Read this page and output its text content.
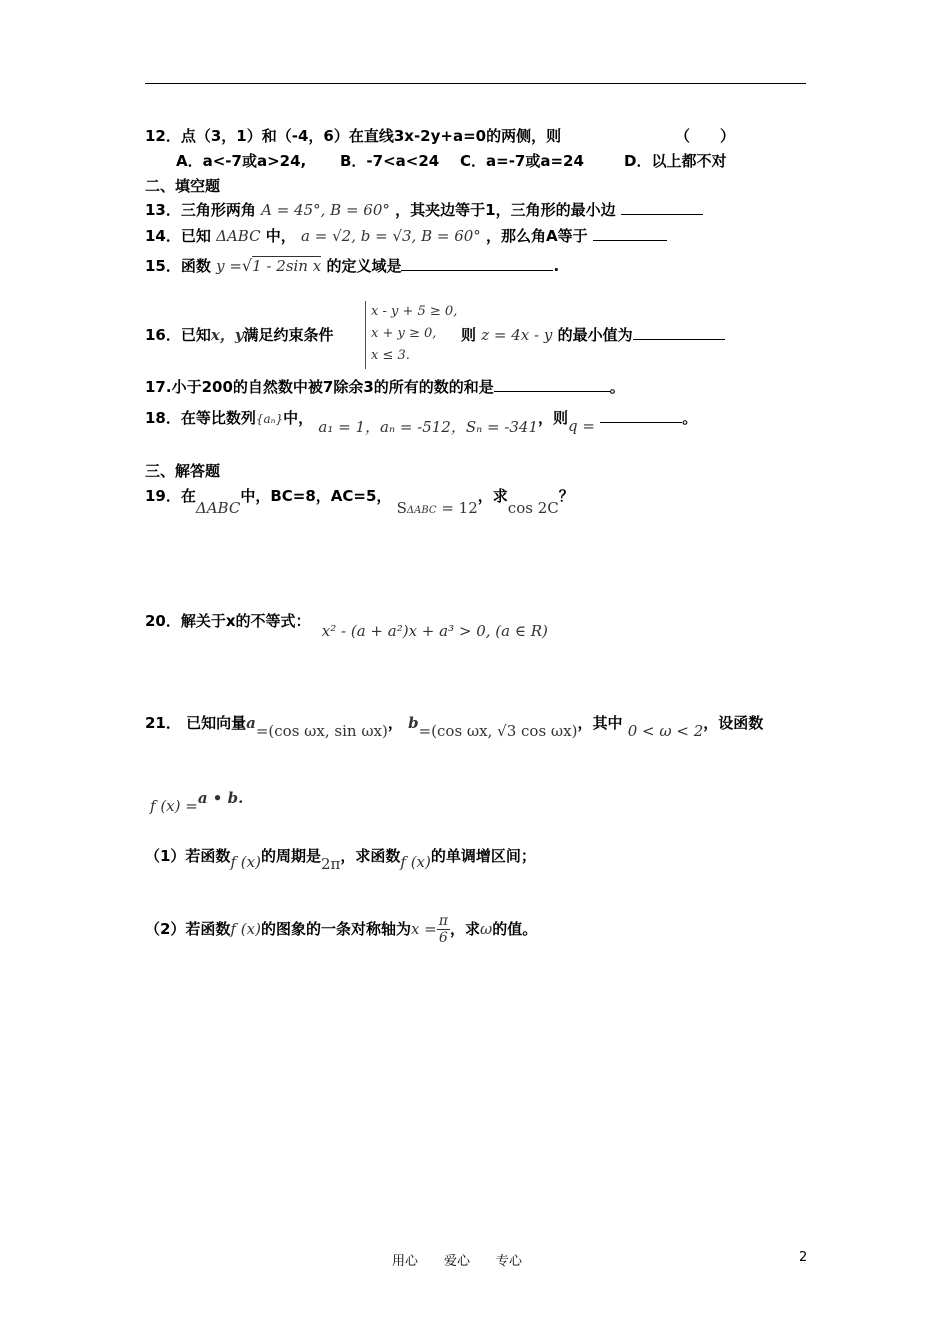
12．点（3，1）和（-4，6）在直线3x-2y+a=0的两侧，则	（　　）
A．a<-7或a>24, B．-7<a<24 C．a=-7或a=24	D．以上都不对
二、填空题
13．三角形两角 A = 45°, B = 60° ，其夹边等于1，三角形的最小边
14．已知 ΔABC 中， a = √2, b = √3, B = 60° ，那么角A等于
15．函数 y =√1 - 2sin x 的定义域是	.
16．已知x，y满足约束条件
x - y + 5 ≥ 0,
x + y ≥ 0,
x ≤ 3.
则 z = 4x - y 的最小值为
17.小于200的自然数中被7除余3的所有的数的和是	。
18．在等比数列{aₙ}中， a₁ = 1，aₙ = -512，Sₙ = -341，则q =	。
三、解答题
19．在ΔABC中，BC=8，AC=5， SΔABC = 12，求cos 2C？
20．解关于x的不等式： x² - (a + a²)x + a³ > 0, (a ∈ R)
21． 已知向量a=(cos ωx, sin ωx)， b=(cos ωx, √3 cos ωx)，其中 0 < ω < 2，设函数
f (x) =a • b.
（1）若函数f (x)的周期是2π，求函数f (x)的单调增区间；
（2）若函数f (x)的图象的一条对称轴为$x = \frac{\pi}{6}$ ，求ω的值。
用心　　爱心　　专心	2
